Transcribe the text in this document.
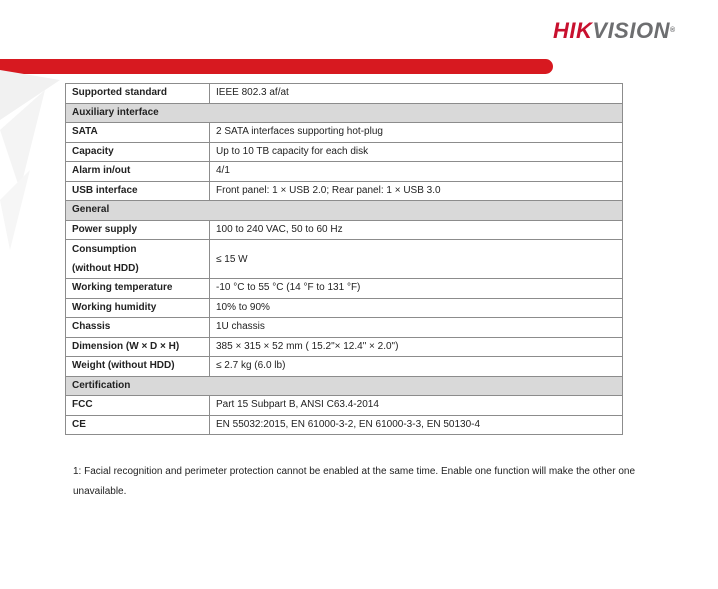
HIKVISION®
Supported standard	IEEE 802.3 af/at
Auxiliary interface	
SATA	2 SATA interfaces supporting hot-plug
Capacity	Up to 10 TB capacity for each disk
Alarm in/out	4/1
USB interface	Front panel: 1 × USB 2.0; Rear panel: 1 × USB 3.0
General	
Power supply	100 to 240 VAC, 50 to 60 Hz

Consumption
(without HDD)	≤ 15 W
Working temperature	-10 °C to 55 °C (14 °F to 131 °F)
Working humidity	10% to 90%
Chassis	1U chassis
Dimension (W × D × H)	385 × 315 × 52 mm ( 15.2"× 12.4" × 2.0")
Weight (without HDD)	≤ 2.7 kg (6.0 lb)
Certification	
FCC	Part 15 Subpart B, ANSI C63.4-2014
CE	EN 55032:2015, EN 61000-3-2, EN 61000-3-3, EN 50130-4
1: Facial recognition and perimeter protection cannot be enabled at the same time. Enable one function will make the other one unavailable.
